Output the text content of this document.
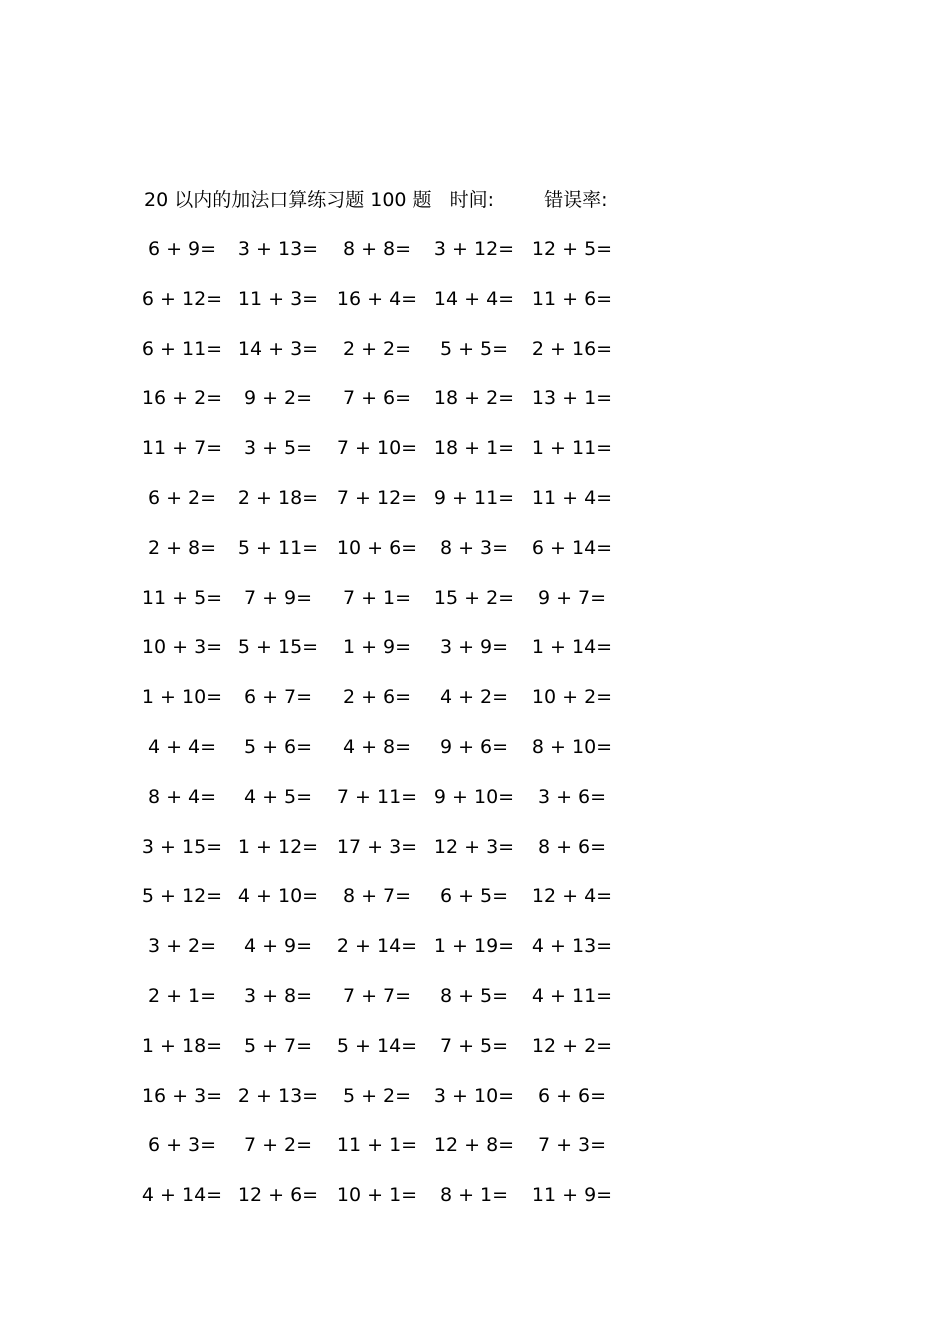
20 以内的加法口算练习题 100 题 时间:	错误率:
6 + 9=	3 + 13=	8 + 8=	3 + 12= 12 + 5=
6 + 12= 11 + 3= 16 + 4= 14 + 4= 11 + 6=
6 + 11= 14 + 3=	2 + 2=	5 + 5=	2 + 16=
16 + 2=	9 + 2=	7 + 6=	18 + 2= 13 + 1=
11 + 7=	3 + 5=	7 + 10= 18 + 1= 1 + 11=
6 + 2=	2 + 18= 7 + 12= 9 + 11= 11 + 4=
2 + 8=	5 + 11= 10 + 6=	8 + 3=	6 + 14=
11 + 5=	7 + 9=	7 + 1=	15 + 2=	9 + 7=
10 + 3= 5 + 15=	1 + 9=	3 + 9=	1 + 14=
1 + 10=	6 + 7=	2 + 6=	4 + 2=	10 + 2=
4 + 4=	5 + 6=	4 + 8=	9 + 6=	8 + 10=
8 + 4=	4 + 5=	7 + 11= 9 + 10=	3 + 6=
3 + 15= 1 + 12= 17 + 3= 12 + 3=	8 + 6=
5 + 12= 4 + 10=	8 + 7=	6 + 5=	12 + 4=
3 + 2=	4 + 9=	2 + 14= 1 + 19= 4 + 13=
2 + 1=	3 + 8=	7 + 7=	8 + 5=	4 + 11=
1 + 18=	5 + 7=	5 + 14=	7 + 5=	12 + 2=
16 + 3= 2 + 13=	5 + 2=	3 + 10=	6 + 6=
6 + 3=	7 + 2=	11 + 1= 12 + 8=	7 + 3=
4 + 14= 12 + 6= 10 + 1=	8 + 1=	11 + 9=
